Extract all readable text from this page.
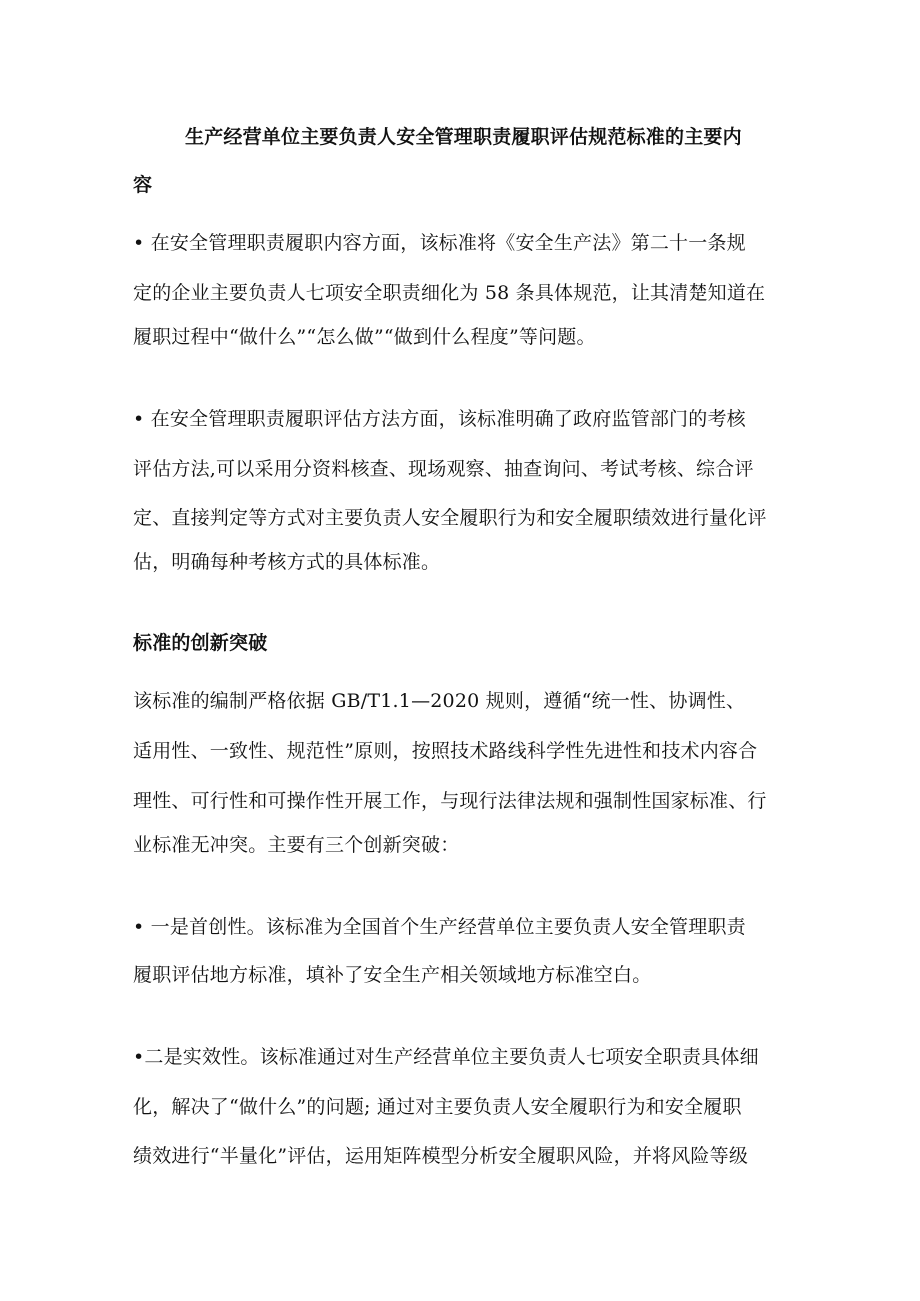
生产经营单位主要负责人安全管理职责履职评估规范标准的主要内
容
• 在安全管理职责履职内容方面，该标准将《安全生产法》第二十一条规
定的企业主要负责人七项安全职责细化为 58 条具体规范，让其清楚知道在
履职过程中“做什么”“怎么做”“做到什么程度”等问题。
• 在安全管理职责履职评估方法方面，该标准明确了政府监管部门的考核
评估方法,可以采用分资料核查、现场观察、抽查询问、考试考核、综合评
定、直接判定等方式对主要负责人安全履职行为和安全履职绩效进行量化评
估，明确每种考核方式的具体标准。
标准的创新突破
该标准的编制严格依据 GB/T1.1—2020 规则，遵循“统一性、协调性、
适用性、一致性、规范性”原则，按照技术路线科学性先进性和技术内容合
理性、可行性和可操作性开展工作，与现行法律法规和强制性国家标准、行
业标准无冲突。主要有三个创新突破：
• 一是首创性。该标准为全国首个生产经营单位主要负责人安全管理职责
履职评估地方标准，填补了安全生产相关领域地方标准空白。
•二是实效性。该标准通过对生产经营单位主要负责人七项安全职责具体细
化，解决了“做什么”的问题; 通过对主要负责人安全履职行为和安全履职
绩效进行“半量化”评估，运用矩阵模型分析安全履职风险，并将风险等级
